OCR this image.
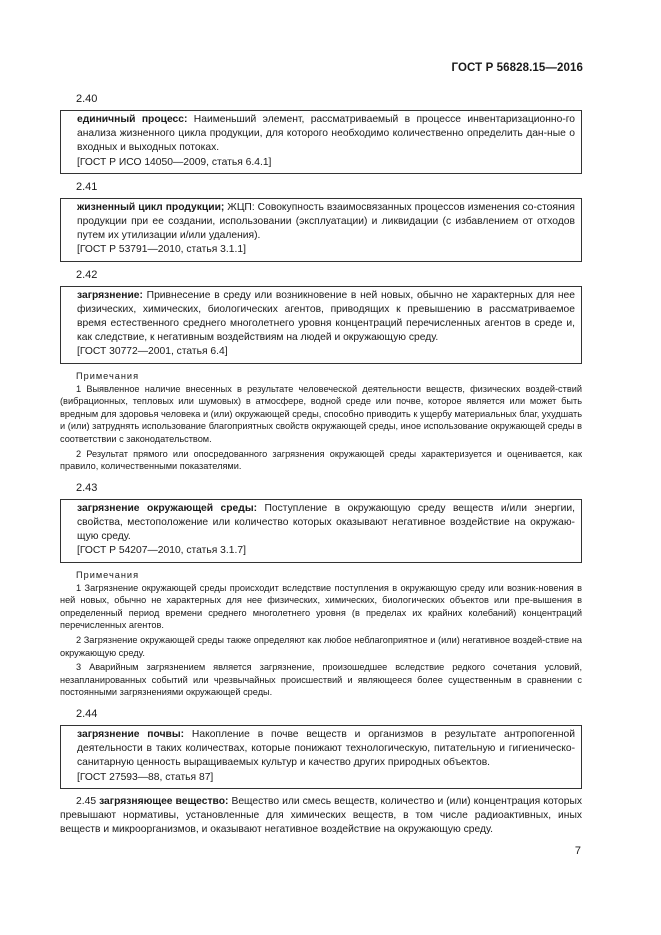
ГОСТ Р 56828.15—2016
2.40

единичный процесс: Наименьший элемент, рассматриваемый в процессе инвентаризационно-го анализа жизненного цикла продукции, для которого необходимо количественно определить дан-ные о входных и выходных потоках.

[ГОСТ Р ИСО 14050—2009, статья 6.4.1]

2.41

жизненный цикл продукции; ЖЦП: Совокупность взаимосвязанных процессов изменения со-стояния продукции при ее создании, использовании (эксплуатации) и ликвидации (с избавлением от отходов путем их утилизации и/или удаления).

[ГОСТ Р 53791—2010, статья 3.1.1]

2.42

загрязнение: Привнесение в среду или возникновение в ней новых, обычно не характерных для нее физических, химических, биологических агентов, приводящих к превышению в рассматриваемое время естественного среднего многолетнего уровня концентраций перечисленных агентов в среде и, как следствие, к негативным воздействиям на людей и окружающую среду.

[ГОСТ 30772—2001, статья 6.4]

Примечания

1 Выявленное наличие внесенных в результате человеческой деятельности веществ, физических воздей-ствий (вибрационных, тепловых или шумовых) в атмосфере, водной среде или почве, которое является или может быть вредным для здоровья человека и (или) окружающей среды, способно приводить к ущербу материальных благ, ухудшать и (или) затруднять использование благоприятных свойств окружающей среды, иное использование окружающей среды в соответствии с законодательством.

2 Результат прямого или опосредованного загрязнения окружающей среды характеризуется и оценивается, как правило, количественными показателями.

2.43

загрязнение окружающей среды: Поступление в окружающую среду веществ и/или энергии, свойства, местоположение или количество которых оказывают негативное воздействие на окружаю-щую среду.

[ГОСТ Р 54207—2010, статья 3.1.7]

Примечания

1 Загрязнение окружающей среды происходит вследствие поступления в окружающую среду или возник-новения в ней новых, обычно не характерных для нее физических, химических, биологических объектов или пре-вышения в определенный период времени среднего многолетнего уровня (в пределах их крайних колебаний) концентраций перечисленных агентов.

2 Загрязнение окружающей среды также определяют как любое неблагоприятное и (или) негативное воздей-ствие на окружающую среду.

3 Аварийным загрязнением является загрязнение, произошедшее вследствие редкого сочетания условий, незапланированных событий или чрезвычайных происшествий и являющееся более существенным в сравнении с постоянными загрязнениями окружающей среды.

2.44

загрязнение почвы: Накопление в почве веществ и организмов в результате антропогенной деятельности в таких количествах, которые понижают технологическую, питательную и гигиеническо-санитарную ценность выращиваемых культур и качество других природных объектов.

[ГОСТ 27593—88, статья 87]

2.45 загрязняющее вещество: Вещество или смесь веществ, количество и (или) концентрация которых превышают нормативы, установленные для химических веществ, в том числе радиоактивных, иных веществ и микроорганизмов, и оказывают негативное воздействие на окружающую среду.

7
